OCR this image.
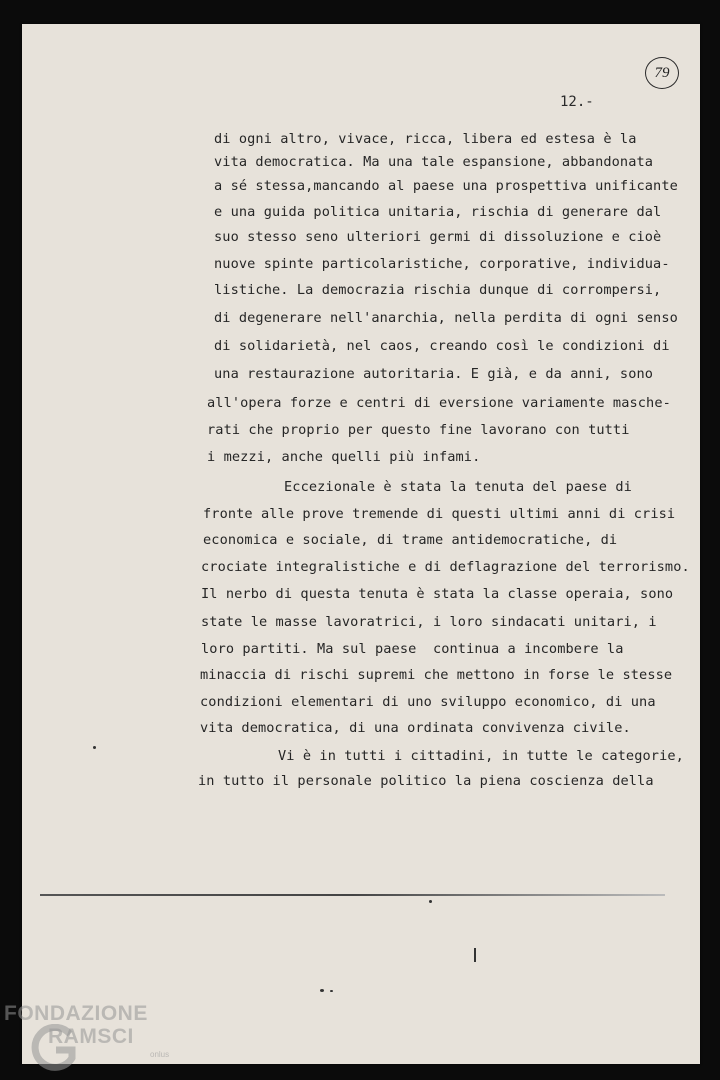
79
12.-
di ogni altro, vivace, ricca, libera ed estesa è la
vita democratica. Ma una tale espansione, abbandonata
a sé stessa,mancando al paese una prospettiva unificante
e una guida politica unitaria, rischia di generare dal
suo stesso seno ulteriori germi di dissoluzione e cioè
nuove spinte particolaristiche, corporative, individua-
listiche. La democrazia rischia dunque di corrompersi,
di degenerare nell'anarchia, nella perdita di ogni senso
di solidarietà, nel caos, creando così le condizioni di
una restaurazione autoritaria. E già, e da anni, sono
all'opera forze e centri di eversione variamente masche-
rati che proprio per questo fine lavorano con tutti
i mezzi, anche quelli più infami.
Eccezionale è stata la tenuta del paese di
fronte alle prove tremende di questi ultimi anni di crisi
economica e sociale, di trame antidemocratiche, di
crociate integralistiche e di deflagrazione del terrorismo.
Il nerbo di questa tenuta è stata la classe operaia, sono
state le masse lavoratrici, i loro sindacati unitari, i
loro partiti. Ma sul paese  continua a incombere la
minaccia di rischi supremi che mettono in forse le stesse
condizioni elementari di uno sviluppo economico, di una
vita democratica, di una ordinata convivenza civile.
Vi è in tutti i cittadini, in tutte le categorie,
in tutto il personale politico la piena coscienza della
FONDAZIONE
RAMSCI
onlus
